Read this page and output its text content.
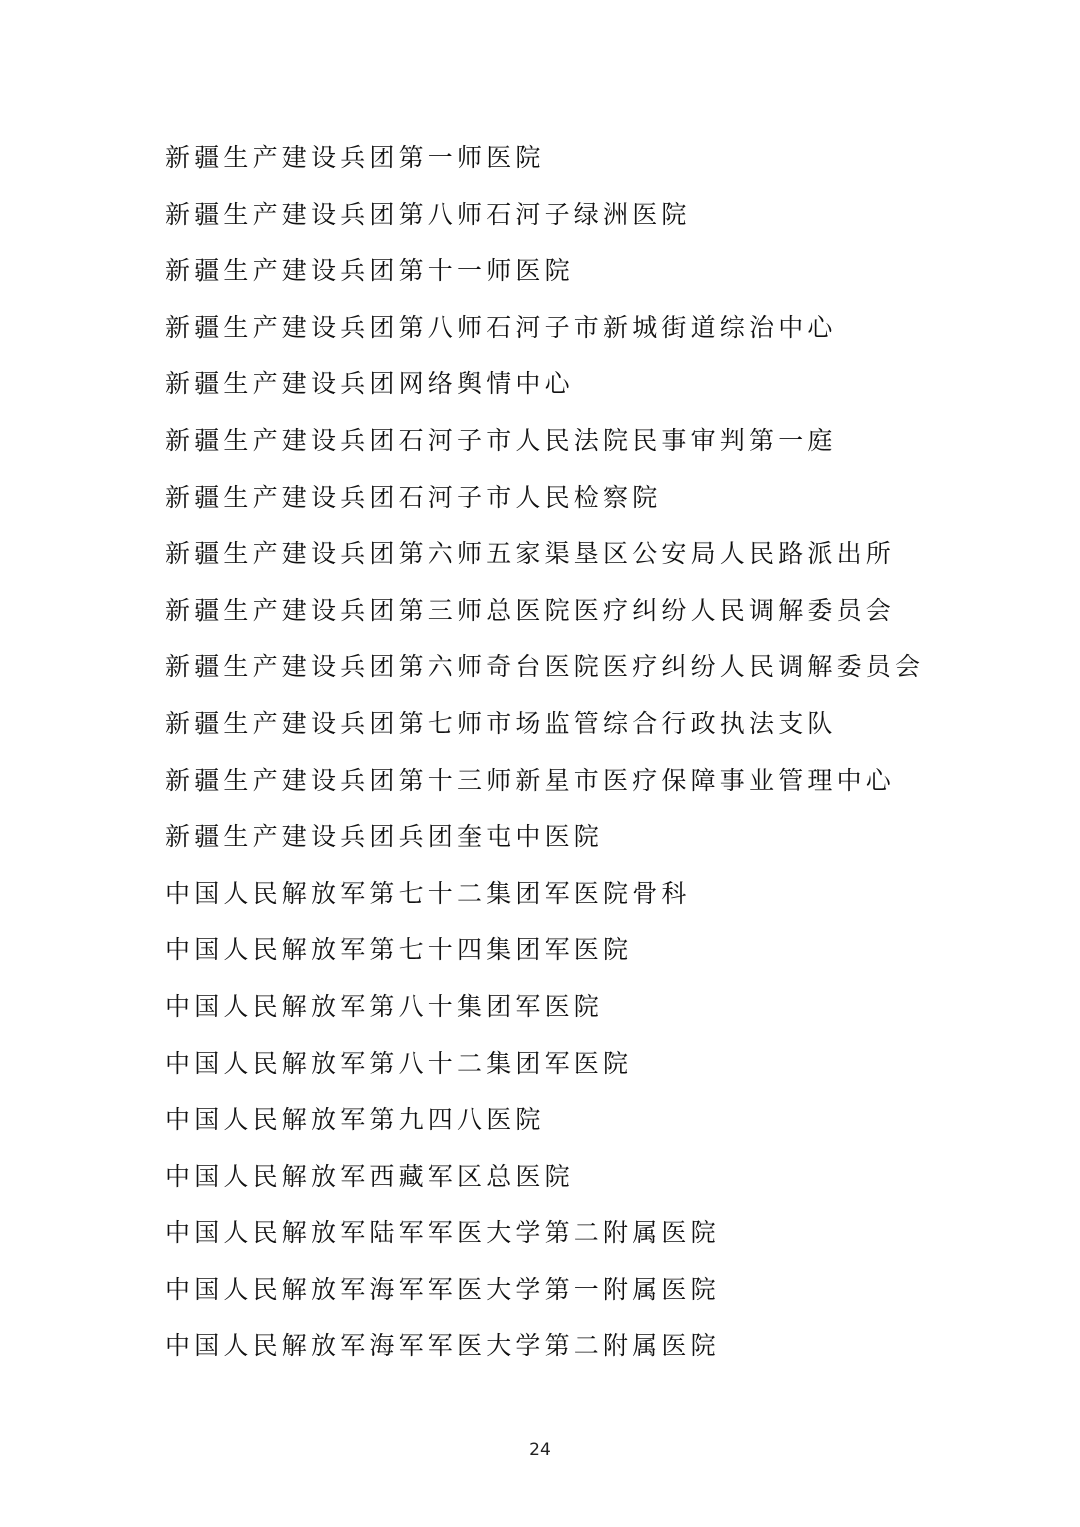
新疆生产建设兵团第一师医院
新疆生产建设兵团第八师石河子绿洲医院
新疆生产建设兵团第十一师医院
新疆生产建设兵团第八师石河子市新城街道综治中心
新疆生产建设兵团网络舆情中心
新疆生产建设兵团石河子市人民法院民事审判第一庭
新疆生产建设兵团石河子市人民检察院
新疆生产建设兵团第六师五家渠垦区公安局人民路派出所
新疆生产建设兵团第三师总医院医疗纠纷人民调解委员会
新疆生产建设兵团第六师奇台医院医疗纠纷人民调解委员会
新疆生产建设兵团第七师市场监管综合行政执法支队
新疆生产建设兵团第十三师新星市医疗保障事业管理中心
新疆生产建设兵团兵团奎屯中医院
中国人民解放军第七十二集团军医院骨科
中国人民解放军第七十四集团军医院
中国人民解放军第八十集团军医院
中国人民解放军第八十二集团军医院
中国人民解放军第九四八医院
中国人民解放军西藏军区总医院
中国人民解放军陆军军医大学第二附属医院
中国人民解放军海军军医大学第一附属医院
中国人民解放军海军军医大学第二附属医院
24
